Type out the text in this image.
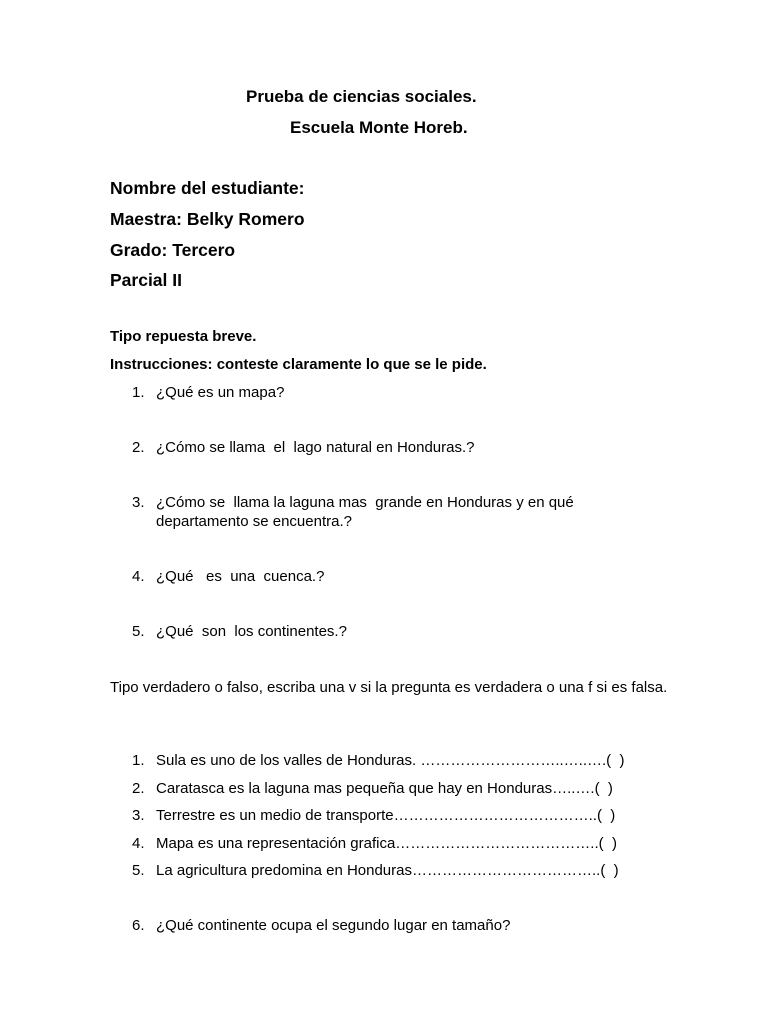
Prueba de ciencias sociales.
Escuela Monte Horeb.
Nombre del estudiante:
Maestra: Belky Romero
Grado: Tercero
Parcial II
Tipo repuesta breve.
Instrucciones: conteste claramente lo que se le pide.
1. ¿Qué es un mapa?
2. ¿Cómo se llama  el  lago natural en Honduras.?
3. ¿Cómo se  llama la laguna mas  grande en Honduras y en qué
departamento se encuentra.?
4. ¿Qué   es  una  cuenca.?
5. ¿Qué  son  los continentes.?
Tipo verdadero o falso, escriba una v si la pregunta es verdadera o una f si es falsa.
1. Sula es uno de los valles de Honduras. ………………………..…..….(  )
2. Caratasca es la laguna mas pequeña que hay en Honduras…..….(  )
3. Terrestre es un medio de transporte…………………………………..(  )
4. Mapa es una representación grafica…………………………………..(  )
5. La agricultura predomina en Honduras………………………………..(  )
6. ¿Qué continente ocupa el segundo lugar en tamaño?
